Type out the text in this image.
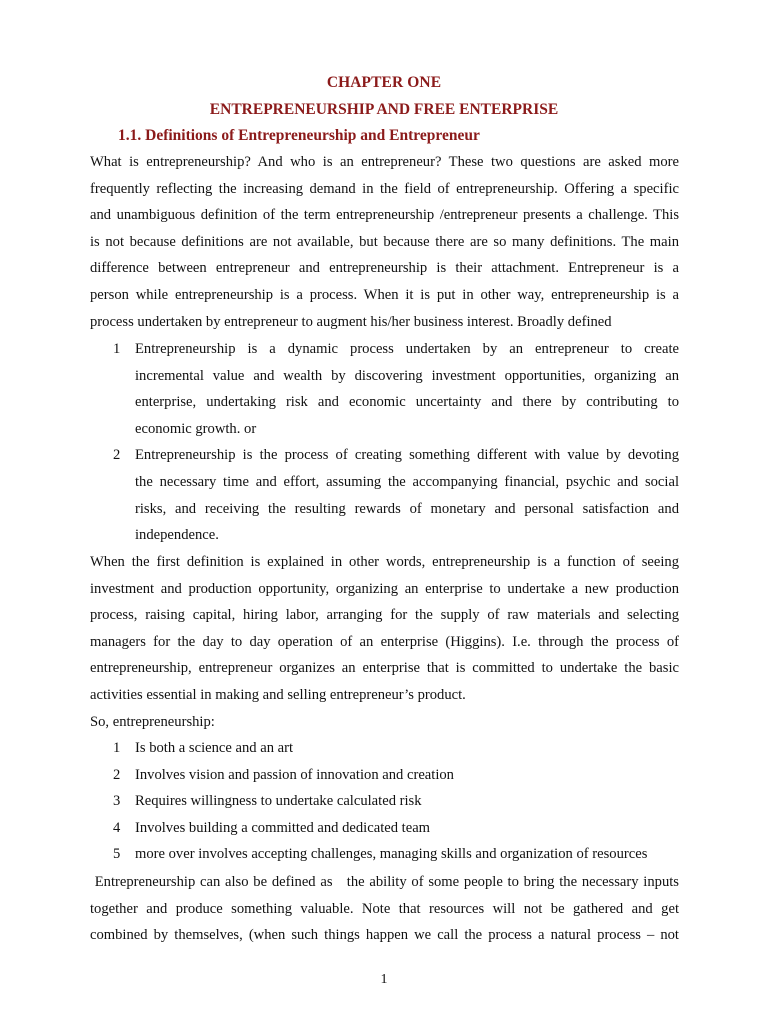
CHAPTER ONE
ENTREPRENEURSHIP AND FREE ENTERPRISE
1.1. Definitions of Entrepreneurship and Entrepreneur
What is entrepreneurship? And who is an entrepreneur? These two questions are asked more
frequently reflecting the increasing demand in the field of entrepreneurship. Offering a specific
and unambiguous definition of the term entrepreneurship /entrepreneur presents a challenge. This
is not because definitions are not available, but because there are so many definitions. The main
difference between entrepreneur and entrepreneurship is their attachment. Entrepreneur is a
person while entrepreneurship is a process. When it is put in other way, entrepreneurship is a
process undertaken by entrepreneur to augment his/her business interest. Broadly defined
1 Entrepreneurship is a dynamic process undertaken by an entrepreneur to create
incremental value and wealth by discovering investment opportunities, organizing an
enterprise, undertaking risk and economic uncertainty and there by contributing to
economic growth. or
2 Entrepreneurship is the process of creating something different with value by devoting
the necessary time and effort, assuming the accompanying financial, psychic and social
risks, and receiving the resulting rewards of monetary and personal satisfaction and
independence.
When the first definition is explained in other words, entrepreneurship is a function of seeing
investment and production opportunity, organizing an enterprise to undertake a new production
process, raising capital, hiring labor, arranging for the supply of raw materials and selecting
managers for the day to day operation of an enterprise (Higgins). I.e. through the process of
entrepreneurship, entrepreneur organizes an enterprise that is committed to undertake the basic
activities essential in making and selling entrepreneur’s product.
So, entrepreneurship:
1 Is both a science and an art
2 Involves vision and passion of innovation and creation
3 Requires willingness to undertake calculated risk
4 Involves building a committed and dedicated team
5 more over involves accepting challenges, managing skills and organization of resources
Entrepreneurship can also be defined as   the ability of some people to bring the necessary inputs
together and produce something valuable. Note that resources will not be gathered and get
combined by themselves, (when such things happen we call the process a natural process – not
1
